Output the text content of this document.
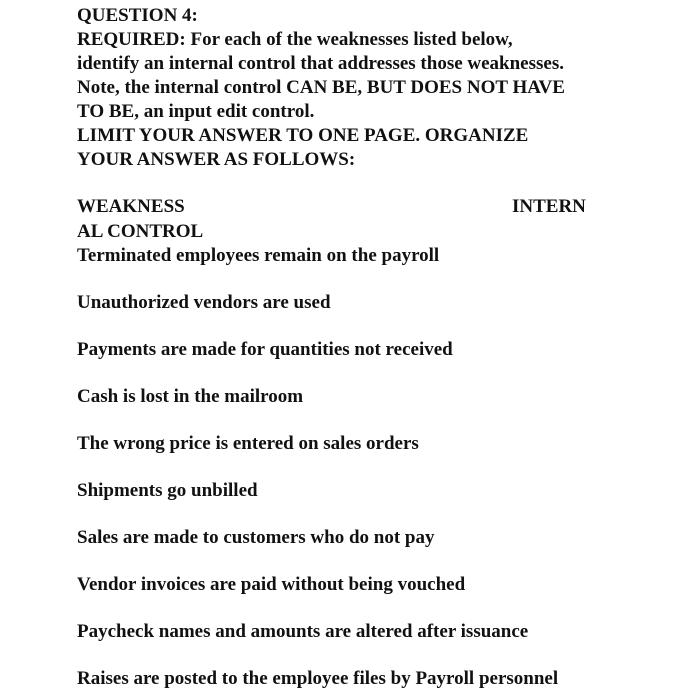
QUESTION 4:
REQUIRED: For each of the weaknesses listed below,
identify an internal control that addresses those weaknesses.
Note, the internal control CAN BE, BUT DOES NOT HAVE
TO BE, an input edit control.
LIMIT YOUR ANSWER TO ONE PAGE. ORGANIZE
YOUR ANSWER AS FOLLOWS:
WEAKNESS	INTERN
AL CONTROL
Terminated employees remain on the payroll
Unauthorized vendors are used
Payments are made for quantities not received
Cash is lost in the mailroom
The wrong price is entered on sales orders
Shipments go unbilled
Sales are made to customers who do not pay
Vendor invoices are paid without being vouched
Paycheck names and amounts are altered after issuance
Raises are posted to the employee files by Payroll personnel
